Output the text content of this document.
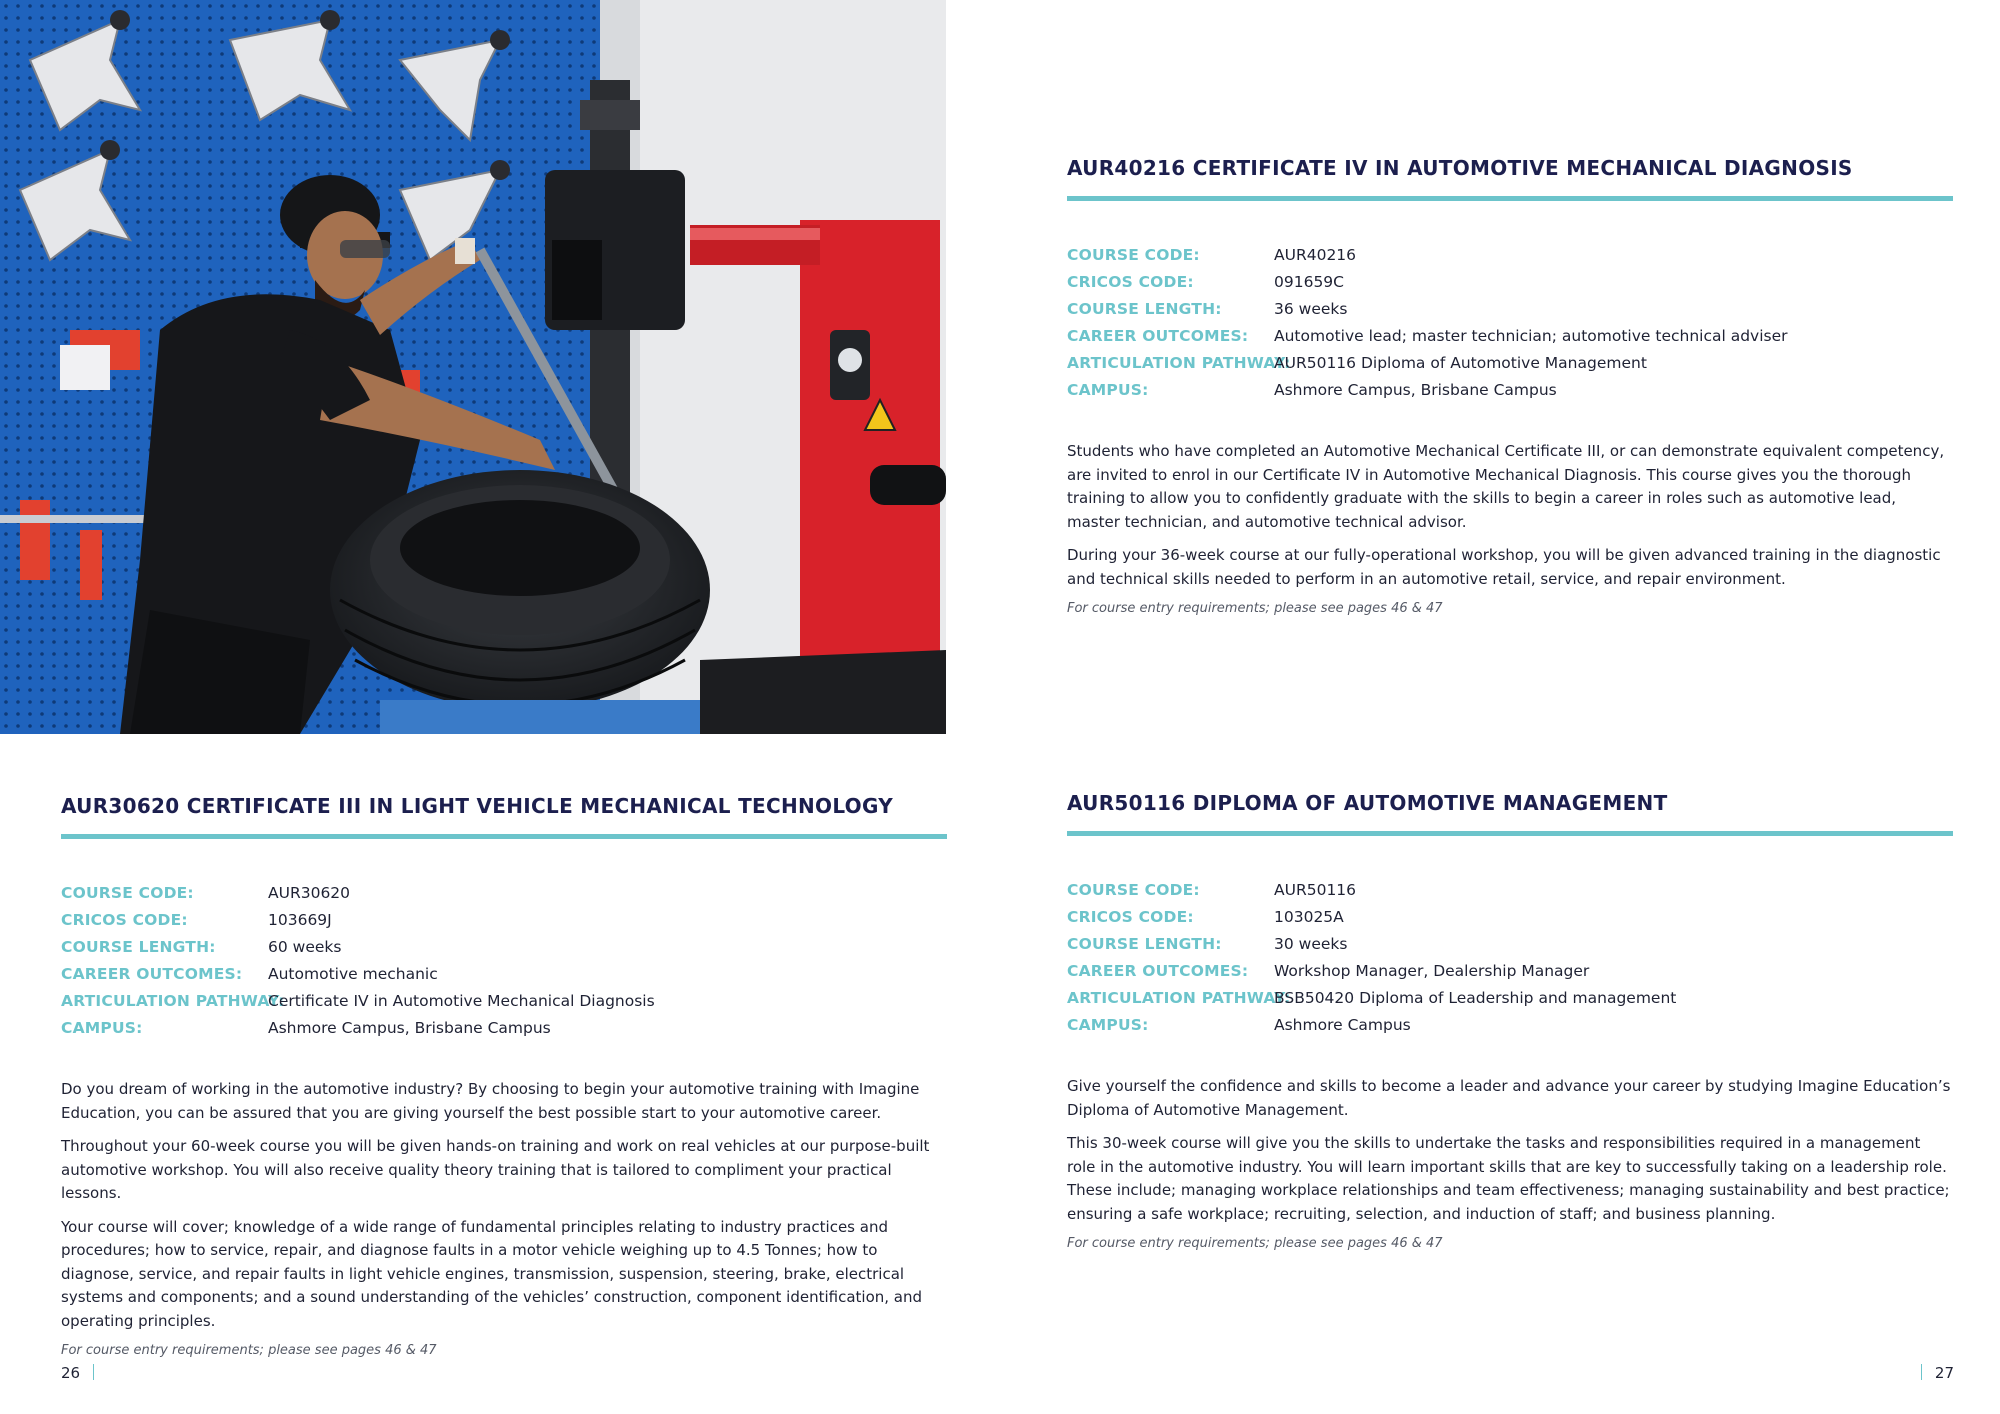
AUR40216 CERTIFICATE IV IN AUTOMOTIVE MECHANICAL DIAGNOSIS
COURSE CODE:	AUR40216
CRICOS CODE:	091659C
COURSE LENGTH:	36 weeks
CAREER OUTCOMES:	Automotive lead; master technician; automotive technical adviser
ARTICULATION PATHWAY:
AUR50116 Diploma of Automotive Management
CAMPUS:	Ashmore Campus, Brisbane Campus

Students who have completed an Automotive Mechanical Certificate III, or can demonstrate equivalent competency, are invited to enrol in our Certificate IV in Automotive Mechanical Diagnosis. This course gives you the thorough training to allow you to confidently graduate with the skills to begin a career in roles such as automotive lead, master technician, and automotive technical advisor.

During your 36-week course at our fully-operational workshop, you will be given advanced training in the diagnostic and technical skills needed to perform in an automotive retail, service, and repair environment.

For course entry requirements; please see pages 46 & 47
AUR30620 CERTIFICATE III IN LIGHT VEHICLE MECHANICAL TECHNOLOGY
COURSE CODE:	AUR30620
CRICOS CODE:	103669J
COURSE LENGTH:	60 weeks
CAREER OUTCOMES:	Automotive mechanic
ARTICULATION PATHWAY:
Certificate IV in Automotive Mechanical Diagnosis
CAMPUS:	Ashmore Campus, Brisbane Campus

Do you dream of working in the automotive industry? By choosing to begin your automotive training with Imagine Education, you can be assured that you are giving yourself the best possible start to your automotive career.

Throughout your 60-week course you will be given hands-on training and work on real vehicles at our purpose-built automotive workshop. You will also receive quality theory training that is tailored to compliment your practical lessons.

Your course will cover; knowledge of a wide range of fundamental principles relating to industry practices and procedures; how to service, repair, and diagnose faults in a motor vehicle weighing up to 4.5 Tonnes; how to diagnose, service, and repair faults in light vehicle engines, transmission, suspension, steering, brake, electrical systems and components; and a sound understanding of the vehicles’ construction, component identification, and operating principles.

For course entry requirements; please see pages 46 & 47
AUR50116 DIPLOMA OF AUTOMOTIVE MANAGEMENT
COURSE CODE:	AUR50116
CRICOS CODE:	103025A
COURSE LENGTH:	30 weeks
CAREER OUTCOMES:	Workshop Manager, Dealership Manager
ARTICULATION PATHWAY:
BSB50420 Diploma of Leadership and management
CAMPUS:	Ashmore Campus

Give yourself the confidence and skills to become a leader and advance your career by studying Imagine Education’s Diploma of Automotive Management.

This 30-week course will give you the skills to undertake the tasks and responsibilities required in a management role in the automotive industry. You will learn important skills that are key to successfully taking on a leadership role. These include; managing workplace relationships and team effectiveness; managing sustainability and best practice; ensuring a safe workplace; recruiting, selection, and induction of staff; and business planning.

For course entry requirements; please see pages 46 & 47
26	27
